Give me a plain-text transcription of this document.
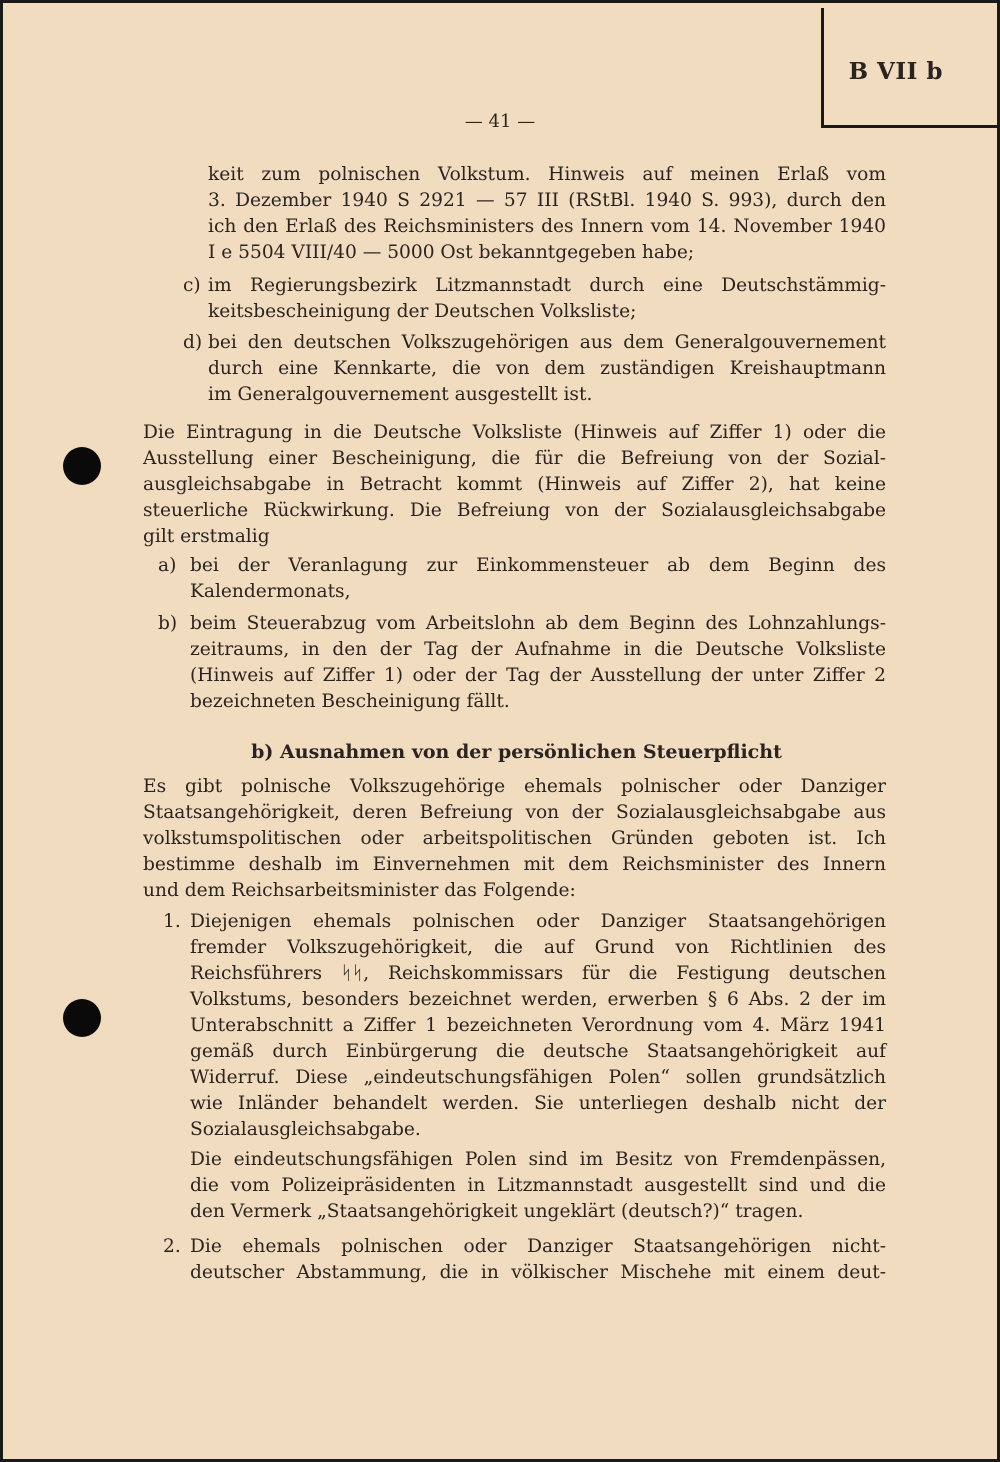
B VII b
— 41 —
keit zum polnischen Volkstum. Hinweis auf meinen Erlaß vom
3. Dezember 1940 S 2921 — 57 III (RStBl. 1940 S. 993), durch den
ich den Erlaß des Reichsministers des Innern vom 14. November 1940
I e 5504 VIII/40 — 5000 Ost bekanntgegeben habe;
c) im Regierungsbezirk Litzmannstadt durch eine Deutschstämmig-
keitsbescheinigung der Deutschen Volksliste;
d) bei den deutschen Volkszugehörigen aus dem Generalgouvernement
durch eine Kennkarte, die von dem zuständigen Kreishauptmann
im Generalgouvernement ausgestellt ist.
Die Eintragung in die Deutsche Volksliste (Hinweis auf Ziffer 1) oder die
Ausstellung einer Bescheinigung, die für die Befreiung von der Sozial-
ausgleichsabgabe in Betracht kommt (Hinweis auf Ziffer 2), hat keine
steuerliche Rückwirkung. Die Befreiung von der Sozialausgleichsabgabe
gilt erstmalig
a) bei der Veranlagung zur Einkommensteuer ab dem Beginn des
Kalendermonats,
b) beim Steuerabzug vom Arbeitslohn ab dem Beginn des Lohnzahlungs-
zeitraums, in den der Tag der Aufnahme in die Deutsche Volksliste
(Hinweis auf Ziffer 1) oder der Tag der Ausstellung der unter Ziffer 2
bezeichneten Bescheinigung fällt.
b) Ausnahmen von der persönlichen Steuerpflicht
Es gibt polnische Volkszugehörige ehemals polnischer oder Danziger
Staatsangehörigkeit, deren Befreiung von der Sozialausgleichsabgabe aus
volkstumspolitischen oder arbeitspolitischen Gründen geboten ist. Ich
bestimme deshalb im Einvernehmen mit dem Reichsminister des Innern
und dem Reichsarbeitsminister das Folgende:
1. Diejenigen ehemals polnischen oder Danziger Staatsangehörigen
fremder Volkszugehörigkeit, die auf Grund von Richtlinien des
Reichsführers ᛋᛋ, Reichskommissars für die Festigung deutschen
Volkstums, besonders bezeichnet werden, erwerben § 6 Abs. 2 der im
Unterabschnitt a Ziffer 1 bezeichneten Verordnung vom 4. März 1941
gemäß durch Einbürgerung die deutsche Staatsangehörigkeit auf
Widerruf. Diese „eindeutschungsfähigen Polen“ sollen grundsätzlich
wie Inländer behandelt werden. Sie unterliegen deshalb nicht der
Sozialausgleichsabgabe.
Die eindeutschungsfähigen Polen sind im Besitz von Fremdenpässen,
die vom Polizeipräsidenten in Litzmannstadt ausgestellt sind und die
den Vermerk „Staatsangehörigkeit ungeklärt (deutsch?)“ tragen.
2. Die ehemals polnischen oder Danziger Staatsangehörigen nicht-
deutscher Abstammung, die in völkischer Mischehe mit einem deut-
